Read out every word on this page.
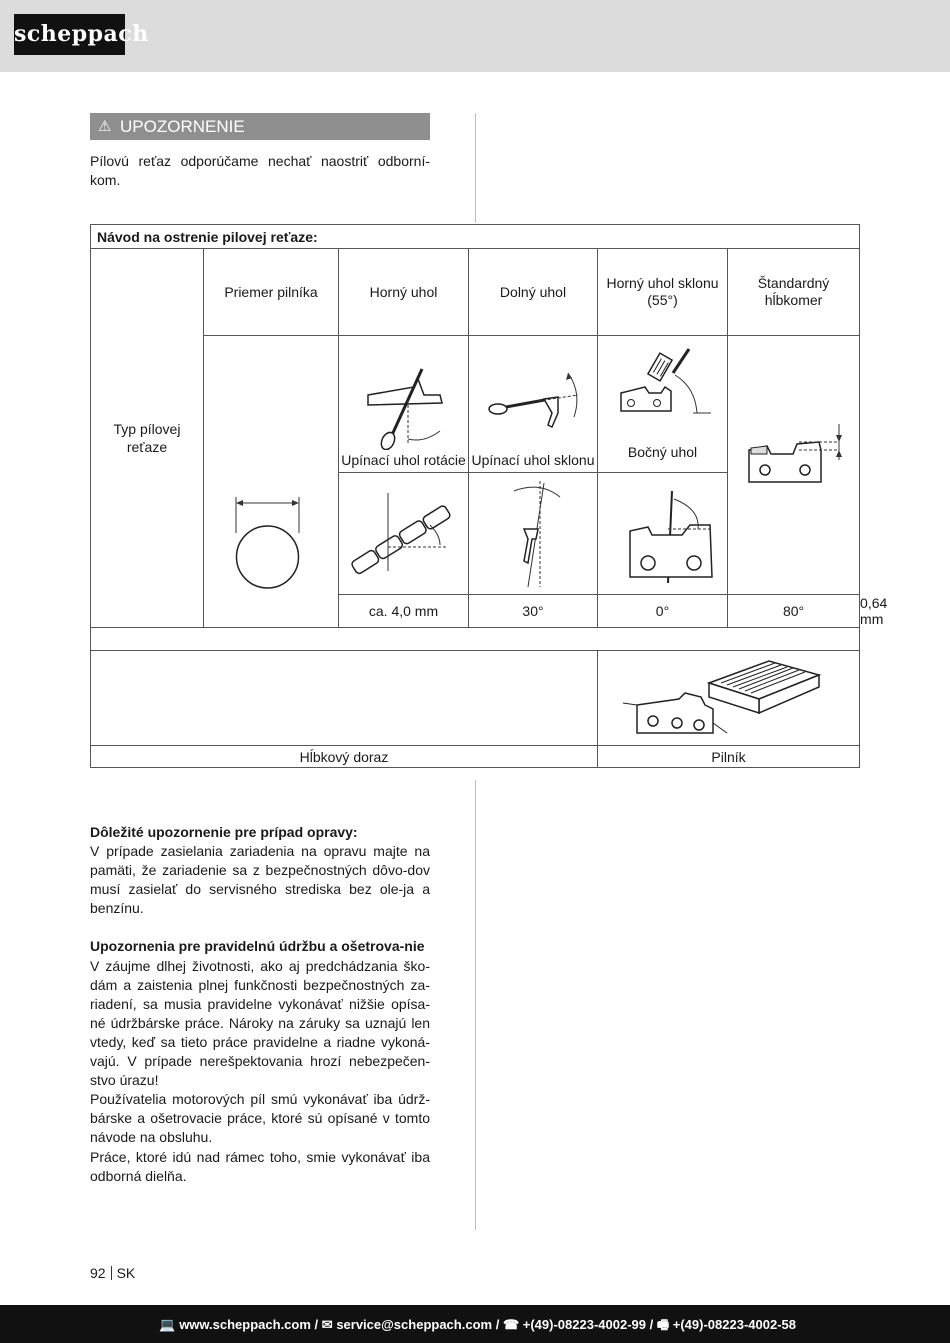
scheppach
⚠ UPOZORNENIE
Pílovú reťaz odporúčame nechať naostriť odborní-kom.
Návod na ostrenie pilovej reťaze:						

Typ pílovej reťaze	Priemer pilníka	Horný uhol	Dolný uhol	Horný uhol sklonu (55°)	Štandardný hĺbkomer	

Upínací uhol rotácie	Upínací uhol sklonu	Bočný uhol

		ca. 4,0 mm	30°	0°	80°	0,64 mm

Hĺbkový doraz				Pilník		
Dôležité upozornenie pre prípad opravy:

V prípade zasielania zariadenia na opravu majte na pamäti, že zariadenie sa z bezpečnostných dôvo-dov musí zasielať do servisného strediska bez ole-ja a benzínu.

Upozornenia pre pravidelnú údržbu a ošetrova-nie

V záujme dlhej životnosti, ako aj predchádzania ško-dám a zaistenia plnej funkčnosti bezpečnostných za-riadení, sa musia pravidelne vykonávať nižšie opísa-né údržbárske práce. Nároky na záruky sa uznajú len vtedy, keď sa tieto práce pravidelne a riadne vykoná-vajú. V prípade nerešpektovania hrozí nebezpečen-stvo úrazu!

Používatelia motorových píl smú vykonávať iba údrž-bárske a ošetrovacie práce, ktoré sú opísané v tomto návode na obsluhu.

Práce, ktoré idú nad rámec toho, smie vykonávať iba odborná dielňa.

92 SK
💻 www.scheppach.com / ✉ service@scheppach.com / ☎ +(49)-08223-4002-99 / 🖷 +(49)-08223-4002-58
